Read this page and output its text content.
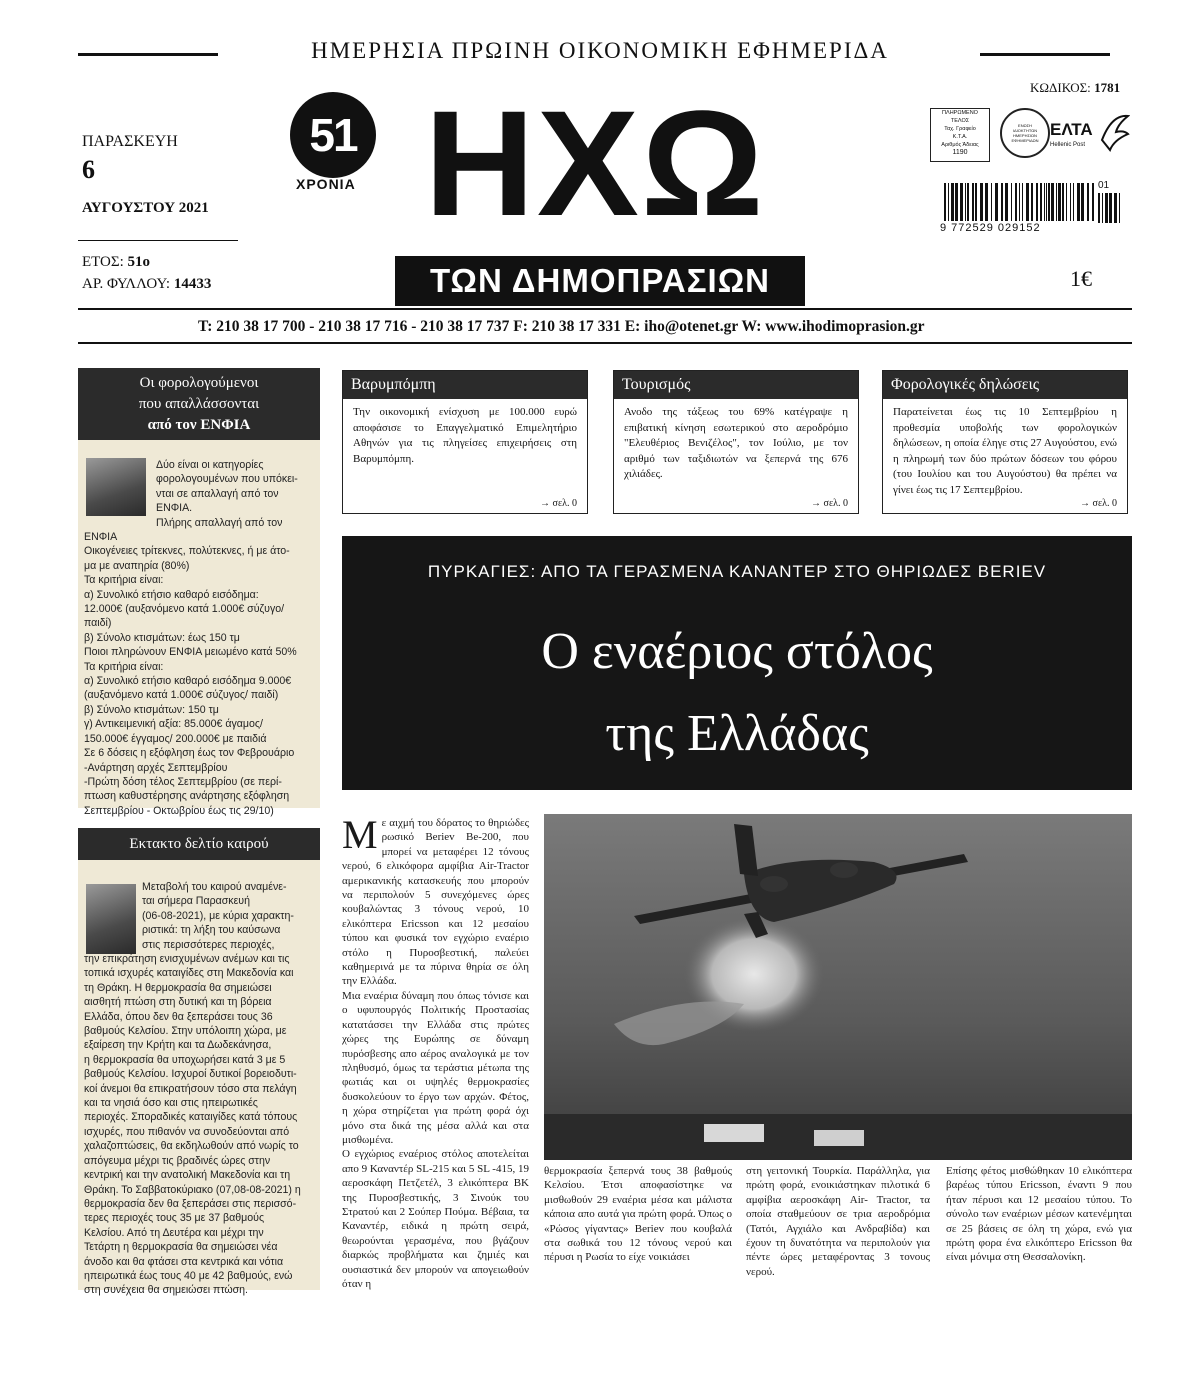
ΗΜΕΡΗΣΙΑ ΠΡΩΙΝΗ ΟΙΚΟΝΟΜΙΚΗ ΕΦΗΜΕΡΙΔΑ
ΠΑΡΑΣΚΕΥΗ
6
ΑΥΓΟΥΣΤΟΥ 2021
ΕΤΟΣ: 51ο
ΑΡ. ΦΥΛΛΟΥ: 14433
51
ΧΡΟΝΙΑ ΗΧΩ
ΤΩΝ ΔΗΜΟΠΡΑΣΙΩΝ
ΚΩΔΙΚΟΣ: 1781
ΠΛΗΡΩΜΕΝΟ
ΤΕΛΟΣ
Ταχ. Γραφείο
Κ.Τ.Α.
Αριθμός Άδειας
1190
ΕΝΩΣΗ ΙΔΙΟΚΤΗΤΩΝ ΗΜΕΡΗΣΙΩΝ ΕΦΗΜΕΡΙΔΩΝ
ΕΛΤΑ
Hellenic Post
9 772529 029152
01
1€
T: 210 38 17 700 - 210 38 17 716 - 210 38 17 737 F: 210 38 17 331 E: iho@otenet.gr W: www.ihodimoprasion.gr
Οι φορολογούμενοι
που απαλλάσσονται
από τον ΕΝΦΙΑ
Δύο είναι οι κατηγορίες
φορολογουμένων που υπόκει-
νται σε απαλλαγή από τον
ΕΝΦΙΑ.
Πλήρης απαλλαγή από τον
ΕΝΦΙΑ
Οικογένειες τρίτεκνες, πολύτεκνες, ή με άτο-
μα με αναπηρία (80%)
Τα κριτήρια είναι:
α) Συνολικό ετήσιο καθαρό εισόδημα:
12.000€ (αυξανόμενο κατά 1.000€ σύζυγο/
παιδί)
β) Σύνολο κτισμάτων: έως 150 τμ
Ποιοι πληρώνουν ΕΝΦΙΑ μειωμένο κατά 50%
Τα κριτήρια είναι:
α) Συνολικό ετήσιο καθαρό εισόδημα 9.000€
(αυξανόμενο κατά 1.000€ σύζυγος/ παιδί)
β) Σύνολο κτισμάτων: 150 τμ
γ) Αντικειμενική αξία: 85.000€ άγαμος/
150.000€ έγγαμος/ 200.000€ με παιδιά
Σε 6 δόσεις η εξόφληση έως τον Φεβρουάριο
-Ανάρτηση αρχές Σεπτεμβρίου
-Πρώτη δόση τέλος Σεπτεμβρίου (σε περί-
πτωση καθυστέρησης ανάρτησης εξόφληση
Σεπτεμβρίου - Οκτωβρίου έως τις 29/10)
Εκτακτο δελτίο καιρού
Μεταβολή του καιρού αναμένε-
ται σήμερα Παρασκευή
(06-08-2021), με κύρια χαρακτη-
ριστικά: τη λήξη του καύσωνα
στις περισσότερες περιοχές,
την επικράτηση ενισχυμένων ανέμων και τις
τοπικά ισχυρές καταιγίδες στη Μακεδονία και
τη Θράκη. Η θερμοκρασία θα σημειώσει
αισθητή πτώση στη δυτική και τη βόρεια
Ελλάδα, όπου δεν θα ξεπεράσει τους 36
βαθμούς Κελσίου. Στην υπόλοιπη χώρα, με
εξαίρεση την Κρήτη και τα Δωδεκάνησα,
η θερμοκρασία θα υποχωρήσει κατά 3 με 5
βαθμούς Κελσίου. Ισχυροί δυτικοί βορειοδυτι-
κοί άνεμοι θα επικρατήσουν τόσο στα πελάγη
και τα νησιά όσο και στις ηπειρωτικές
περιοχές. Σποραδικές καταιγίδες κατά τόπους
ισχυρές, που πιθανόν να συνοδεύονται από
χαλαζοπτώσεις, θα εκδηλωθούν από νωρίς το
απόγευμα μέχρι τις βραδινές ώρες στην
κεντρική και την ανατολική Μακεδονία και τη
Θράκη. Το Σαββατοκύριακο (07,08-08-2021) η
θερμοκρασία δεν θα ξεπεράσει στις περισσό-
τερες περιοχές τους 35 με 37 βαθμούς
Κελσίου. Από τη Δευτέρα και μέχρι την
Τετάρτη η θερμοκρασία θα σημειώσει νέα
άνοδο και θα φτάσει στα κεντρικά και νότια
ηπειρωτικά έως τους 40 με 42 βαθμούς, ενώ
στη συνέχεια θα σημειώσει πτώση.
Βαρυμπόμπη
Την οικονομική ενίσχυση με 100.000 ευρώ αποφάσισε το Επαγγελματικό Επιμελητήριο Αθηνών για τις πληγείσες επιχειρήσεις στη Βαρυμπόμπη.
→ σελ. 0
Τουρισμός
Ανοδο της τάξεως του 69% κατέγραψε η επιβατική κίνηση εσωτερικού στο αεροδρόμιο "Ελευθέριος Βενιζέλος", τον Ιούλιο, με τον αριθμό των ταξιδιωτών να ξεπερνά της 676 χιλιάδες.
→ σελ. 0
Φορολογικές δηλώσεις
Παρατείνεται έως τις 10 Σεπτεμβρίου η προθεσμία υποβολής των φορολογικών δηλώσεων, η οποία έληγε στις 27 Αυγούστου, ενώ η πληρωμή των δύο πρώτων δόσεων του φόρου (του Ιουλίου και του Αυγούστου) θα πρέπει να γίνει έως τις 17 Σεπτεμβρίου.
→ σελ. 0
ΠΥΡΚΑΓΙΕΣ: ΑΠΟ ΤΑ ΓΕΡΑΣΜΕΝΑ ΚΑΝΑΝΤΕΡ ΣΤΟ ΘΗΡΙΩΔΕΣ BERIEV
Ο εναέριος στόλος
της Ελλάδας
Μ ε αιχμή του δόρατος το θηριώδες ρωσικό Beriev Be-200, που μπορεί να μεταφέρει 12 τόνους νερού, 6 ελικόφορα αμφίβια Air-Tractor αμερικανικής κατασκευής που μπορούν να περιπολούν 5 συνεχόμενες ώρες κουβαλώντας 3 τόνους νερού, 10 ελικόπτερα Ericsson και 12 μεσαίου τύπου και φυσικά τον εγχώριο εναέριο στόλο η Πυροσβεστική, παλεύει καθημερινά με τα πύρινα θηρία σε όλη την Ελλάδα.
Μια εναέρια δύναμη που όπως τόνισε και ο υφυπουργός Πολιτικής Προστασίας κατατάσσει την Ελλάδα στις πρώτες χώρες της Ευρώπης σε δύναμη πυρόσβεσης απο αέρος αναλογικά με τον πληθυσμό, όμως τα τεράστια μέτωπα της φωτιάς και οι υψηλές θερμοκρασίες δυσκολεύουν το έργο των αρχών. Φέτος, η χώρα στηρίζεται για πρώτη φορά όχι μόνο στα δικά της μέσα αλλά και στα μισθωμένα.
Ο εγχώριος εναέριος στόλος αποτελείται απο 9 Καναντέρ SL-215 και 5 SL -415, 19 αεροσκάφη Πετζετέλ, 3 ελικόπτερα ΒΚ της Πυροσβεστικής, 3 Σινούκ του Στρατού και 2 Σούπερ Πούμα. Βέβαια, τα Καναντέρ, ειδικά η πρώτη σειρά, θεωρούνται γερασμένα, που βγάζουν διαρκώς προβλήματα και ζημιές και ουσιαστικά δεν μπορούν να απογειωθούν όταν η
θερμοκρασία ξεπερνά τους 38 βαθμούς Κελσίου. Έτσι αποφασίστηκε να μισθωθούν 29 εναέρια μέσα και μάλιστα κάποια απο αυτά για πρώτη φορά. Όπως ο «Ρώσος γίγαντας» Beriev που κουβαλά στα σωθικά του 12 τόνους νερού και πέρυσι η Ρωσία το είχε νοικιάσει
στη γειτονική Τουρκία. Παράλληλα, για πρώτη φορά, ενοικιάστηκαν πιλοτικά 6 αμφίβια αεροσκάφη Air- Tractor, τα οποία σταθμεύουν σε τρια αεροδρόμια (Τατόι, Αγχιάλο και Ανδραβίδα) και έχουν τη δυνατότητα να περιπολούν για πέντε ώρες μεταφέροντας 3 τονους νερού.
Επίσης φέτος μισθώθηκαν 10 ελικόπτερα βαρέως τύπου Ericsson, έναντι 9 που ήταν πέρυσι και 12 μεσαίου τύπου. Το σύνολο των εναέριων μέσων κατενέμηται σε 25 βάσεις σε όλη τη χώρα, ενώ για πρώτη φορα ένα ελικόπτερο Ericsson θα είναι μόνιμα στη Θεσσαλονίκη.
